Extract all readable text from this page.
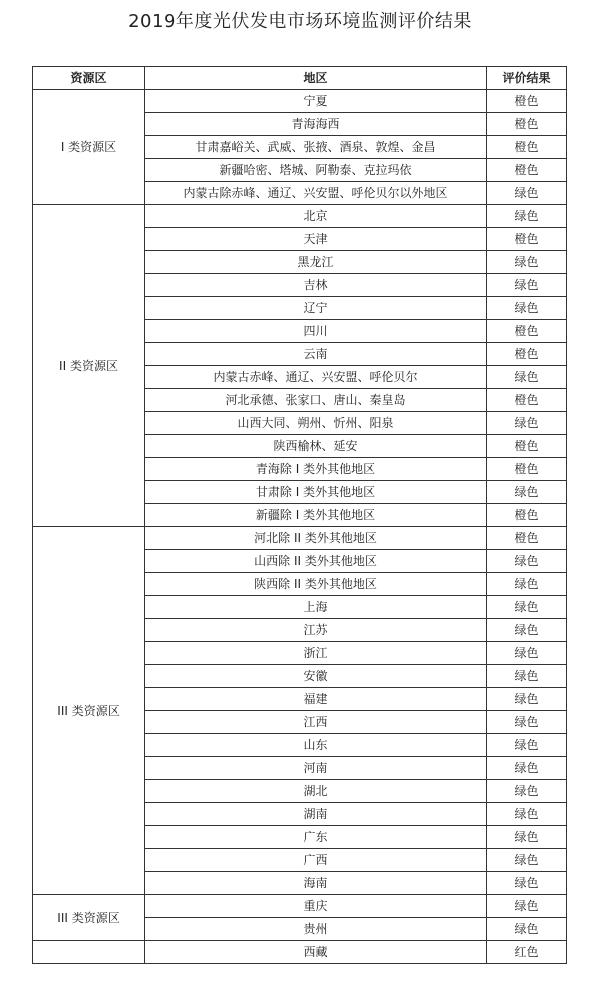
2019年度光伏发电市场环境监测评价结果
资源区	地区	评价结果
I 类资源区	宁夏	橙色
	青海海西	橙色
	甘肃嘉峪关、武威、张掖、酒泉、敦煌、金昌	橙色
	新疆哈密、塔城、阿勒泰、克拉玛依	橙色
	内蒙古除赤峰、通辽、兴安盟、呼伦贝尔以外地区	绿色
II 类资源区	北京	绿色
	天津	橙色
	黑龙江	绿色
	吉林	绿色
	辽宁	绿色
	四川	橙色
	云南	橙色
	内蒙古赤峰、通辽、兴安盟、呼伦贝尔	绿色
	河北承德、张家口、唐山、秦皇岛	橙色
	山西大同、朔州、忻州、阳泉	绿色
	陕西榆林、延安	橙色
	青海除 I 类外其他地区	橙色
	甘肃除 I 类外其他地区	绿色
	新疆除 I 类外其他地区	橙色
III 类资源区	河北除 II 类外其他地区	橙色
	山西除 II 类外其他地区	绿色
	陕西除 II 类外其他地区	绿色
	上海	绿色
	江苏	绿色
	浙江	绿色
	安徽	绿色
	福建	绿色
	江西	绿色
	山东	绿色
	河南	绿色
	湖北	绿色
	湖南	绿色
	广东	绿色
	广西	绿色
	海南	绿色
III 类资源区	重庆	绿色
	贵州	绿色
	西藏	红色
